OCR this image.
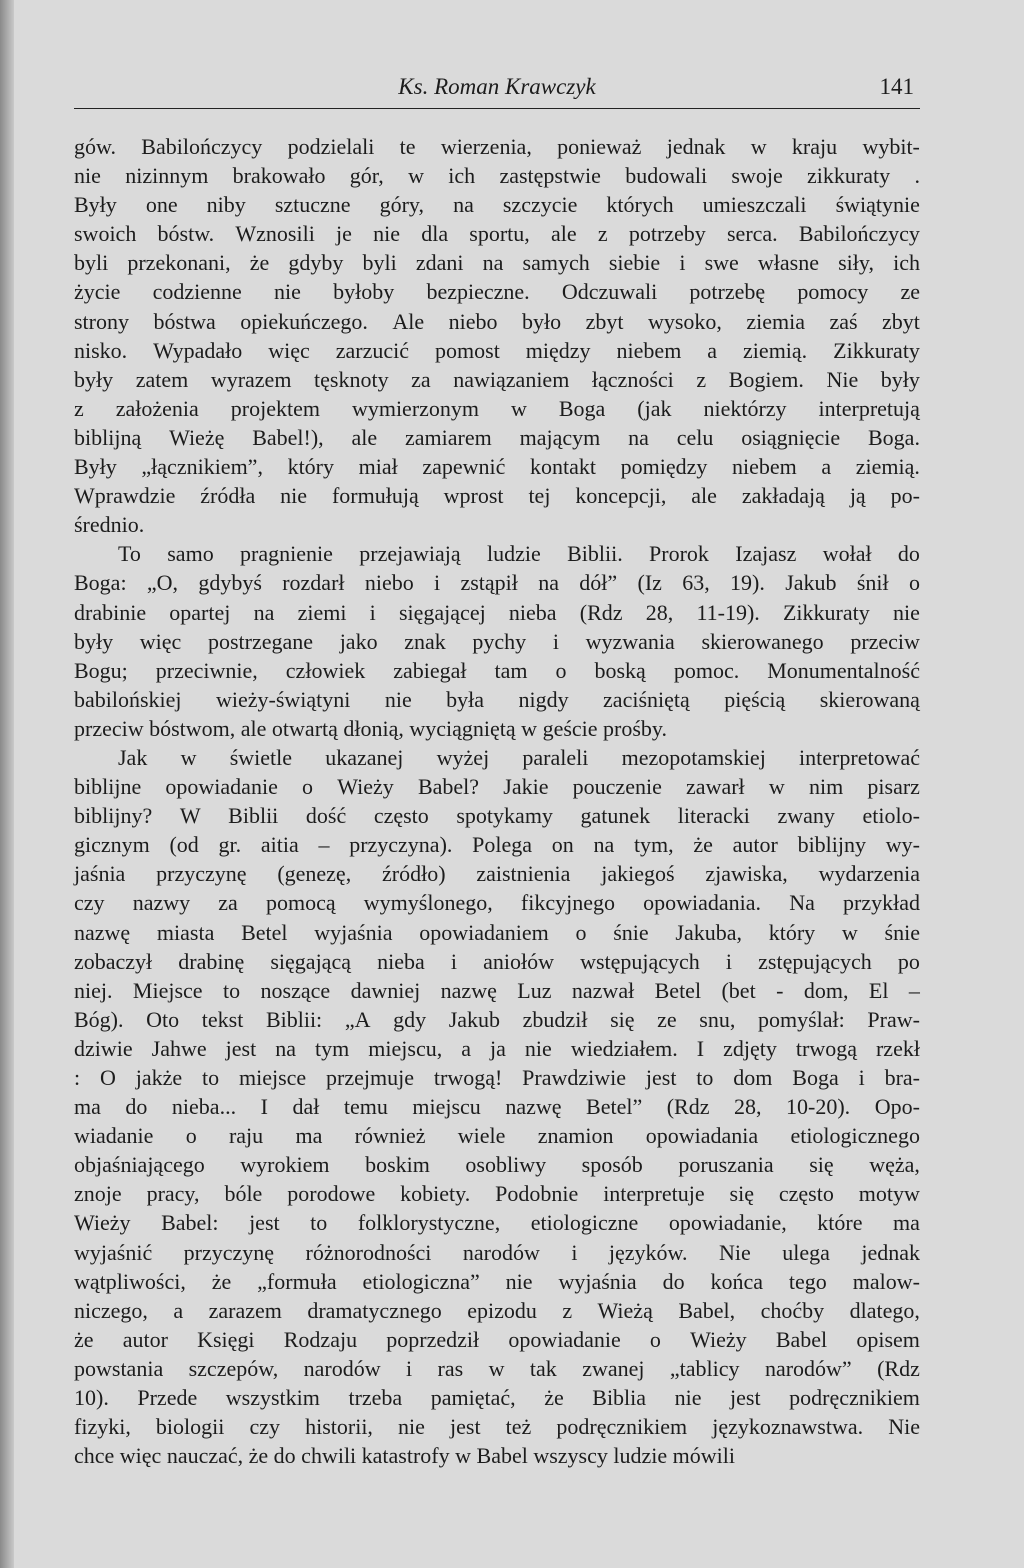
Ks. Roman Krawczyk	141
gów. Babilończycy podzielali te wierzenia, ponieważ jednak w kraju wybit-
nie nizinnym brakowało gór, w ich zastępstwie budowali swoje zikkuraty .
Były one niby sztuczne góry, na szczycie których umieszczali świątynie
swoich bóstw. Wznosili je nie dla sportu, ale z potrzeby serca. Babilończycy
byli przekonani, że gdyby byli zdani na samych siebie i swe własne siły, ich
życie codzienne nie byłoby bezpieczne. Odczuwali potrzebę pomocy ze
strony bóstwa opiekuńczego. Ale niebo było zbyt wysoko, ziemia zaś zbyt
nisko. Wypadało więc zarzucić pomost między niebem a ziemią. Zikkuraty
były zatem wyrazem tęsknoty za nawiązaniem łączności z Bogiem. Nie były
z założenia projektem wymierzonym w Boga (jak niektórzy interpretują
biblijną Wieżę Babel!), ale zamiarem mającym na celu osiągnięcie Boga.
Były „łącznikiem”, który miał zapewnić kontakt pomiędzy niebem a ziemią.
Wprawdzie źródła nie formułują wprost tej koncepcji, ale zakładają ją po-
średnio.
To samo pragnienie przejawiają ludzie Biblii. Prorok Izajasz wołał do
Boga: „O, gdybyś rozdarł niebo i zstąpił na dół” (Iz 63, 19). Jakub śnił o
drabinie opartej na ziemi i sięgającej nieba (Rdz 28, 11-19). Zikkuraty nie
były więc postrzegane jako znak pychy i wyzwania skierowanego przeciw
Bogu; przeciwnie, człowiek zabiegał tam o boską pomoc. Monumentalność
babilońskiej wieży-świątyni nie była nigdy zaciśniętą pięścią skierowaną
przeciw bóstwom, ale otwartą dłonią, wyciągniętą w geście prośby.
Jak w świetle ukazanej wyżej paraleli mezopotamskiej interpretować
biblijne opowiadanie o Wieży Babel? Jakie pouczenie zawarł w nim pisarz
biblijny? W Biblii dość często spotykamy gatunek literacki zwany etiolo-
gicznym (od gr. aitia – przyczyna). Polega on na tym, że autor biblijny wy-
jaśnia przyczynę (genezę, źródło) zaistnienia jakiegoś zjawiska, wydarzenia
czy nazwy za pomocą wymyślonego, fikcyjnego opowiadania. Na przykład
nazwę miasta Betel wyjaśnia opowiadaniem o śnie Jakuba, który w śnie
zobaczył drabinę sięgającą nieba i aniołów wstępujących i zstępujących po
niej. Miejsce to noszące dawniej nazwę Luz nazwał Betel (bet - dom, El –
Bóg). Oto tekst Biblii: „A gdy Jakub zbudził się ze snu, pomyślał: Praw-
dziwie Jahwe jest na tym miejscu, a ja nie wiedziałem. I zdjęty trwogą rzekł
: O jakże to miejsce przejmuje trwogą! Prawdziwie jest to dom Boga i bra-
ma do nieba... I dał temu miejscu nazwę Betel” (Rdz 28, 10-20). Opo-
wiadanie o raju ma również wiele znamion opowiadania etiologicznego
objaśniającego wyrokiem boskim osobliwy sposób poruszania się węża,
znoje pracy, bóle porodowe kobiety. Podobnie interpretuje się często motyw
Wieży Babel: jest to folklorystyczne, etiologiczne opowiadanie, które ma
wyjaśnić przyczynę różnorodności narodów i języków. Nie ulega jednak
wątpliwości, że „formuła etiologiczna” nie wyjaśnia do końca tego malow-
niczego, a zarazem dramatycznego epizodu z Wieżą Babel, choćby dlatego,
że autor Księgi Rodzaju poprzedził opowiadanie o Wieży Babel opisem
powstania szczepów, narodów i ras w tak zwanej „tablicy narodów” (Rdz
10). Przede wszystkim trzeba pamiętać, że Biblia nie jest podręcznikiem
fizyki, biologii czy historii, nie jest też podręcznikiem językoznawstwa. Nie
chce więc nauczać, że do chwili katastrofy w Babel wszyscy ludzie mówili
